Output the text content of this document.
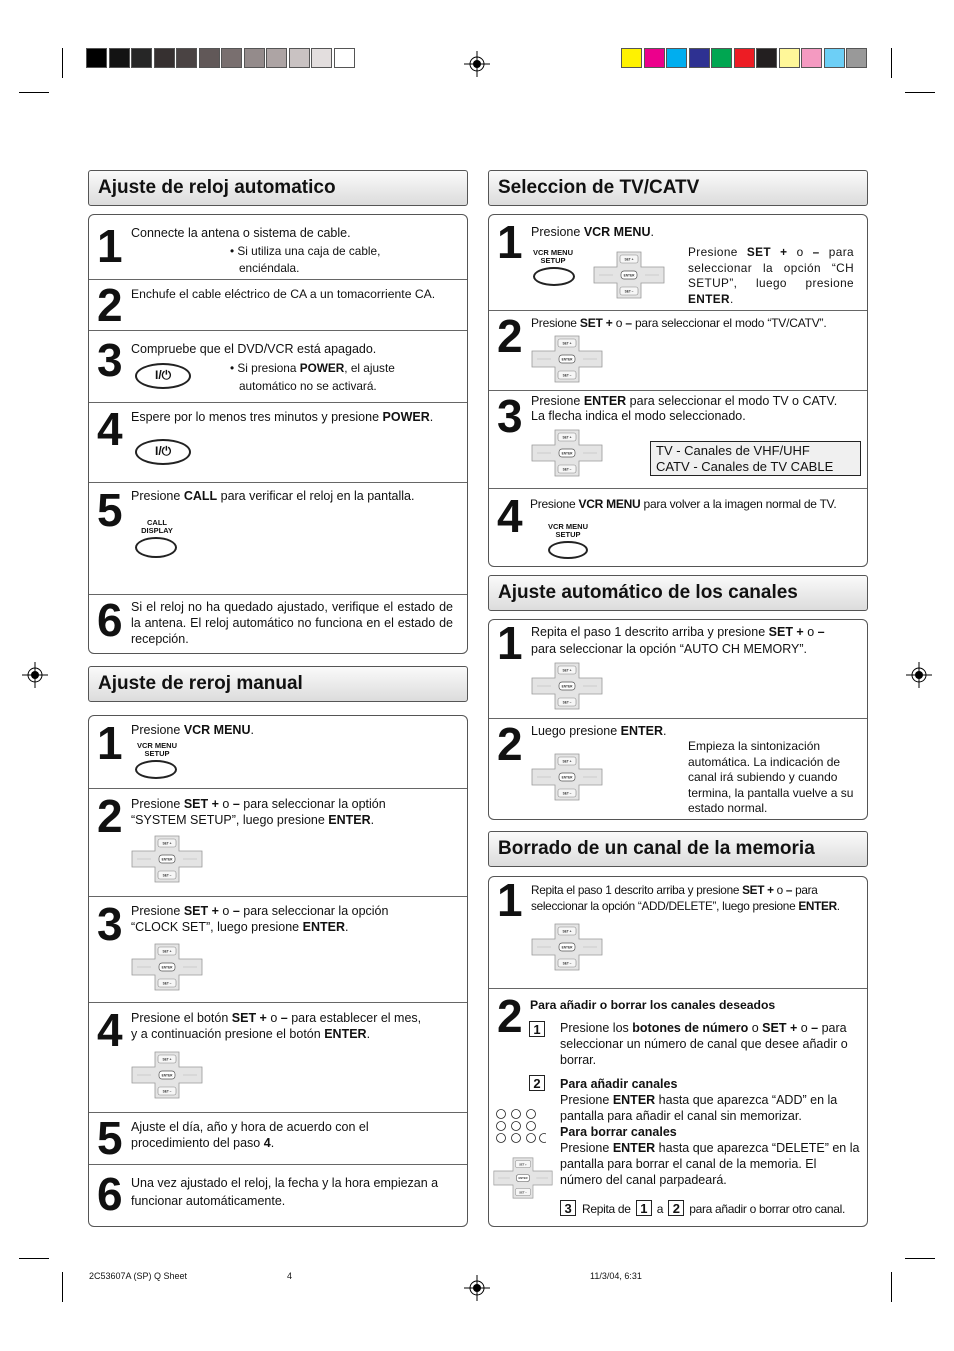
Ajuste de reloj automatico
1 Connecte la antena o sistema de cable.
• Si utiliza una caja de cable,
enciéndala.
2 Enchufe el cable eléctrico de CA a un tomacorriente CA.
3 Compruebe que el DVD/VCR está apagado.
I/⏻	• Si presiona POWER, el ajuste
automático no se activará.
4 Espere por lo menos tres minutos y presione POWER.
I/⏻
5 Presione CALL para verificar el reloj en la pantalla.
CALL
DISPLAY
6 Si el reloj no ha quedado ajustado, verifique el estado de la antena. El reloj automático no funciona en el estado de recepción.
Ajuste de reroj manual
1 Presione VCR MENU.
VCR MENU
SETUP
2 Presione SET + o – para seleccionar la optión
“SYSTEM SETUP”, luego presione ENTER.
SET +
ENTER
SET –
3 Presione SET + o – para seleccionar la opción
“CLOCK SET”, luego presione ENTER.
SET +
ENTER
SET –
4 Presione el botón SET + o – para establecer el mes,
y a continuación presione el botón ENTER.
SET +
ENTER
SET –
5 Ajuste el día, año y hora de acuerdo con el
procedimiento del paso 4.
6 Una vez ajustado el reloj, la fecha y la hora empiezan a funcionar automáticamente.
Seleccion de TV/CATV
1 Presione VCR MENU.
VCR MENU
SETUP	SET +
ENTER
SET –
Presione SET + o – para seleccionar la opción “CH SETUP”, luego presione ENTER.
2 Presione SET + o – para seleccionar el modo “TV/CATV”.
SET +
ENTER
SET –
3 Presione ENTER para seleccionar el modo TV o CATV.
La flecha indica el modo seleccionado.
SET +
ENTER
SET –
TV - Canales de VHF/UHF
CATV - Canales de TV CABLE
4 Presione VCR MENU para volver a la imagen normal de TV.
VCR MENU
SETUP
Ajuste automático de los canales
1 Repita el paso 1 descrito arriba y presione SET + o –
para seleccionar la opción “AUTO CH MEMORY”.
SET +
ENTER
SET –
2 Luego presione ENTER.
SET +
ENTER
SET –
Empieza la sintonización automática. La indicación de canal irá subiendo y cuando termina, la pantalla vuelve a su estado normal.
Borrado de un canal de la memoria
1 Repita el paso 1 descrito arriba y presione SET + o – para
seleccionar la opción “ADD/DELETE”, luego presione ENTER.
SET +
ENTER
SET –
2 Para añadir o borrar los canales deseados
1	Presione los botones de número o SET + o – para seleccionar un número de canal que desee añadir o borrar.
2	Para añadir canales
Presione ENTER hasta que aparezca “ADD” en la pantalla para añadir el canal sin memorizar.
Para borrar canales
Presione ENTER hasta que aparezca “DELETE” en la pantalla para borrar el canal de la memoria. El número del canal parpadeará.
SET +
ENTER
SET –
3 Repita de 1 a 2 para añadir o borrar otro canal.
2C53607A (SP) Q Sheet	4	11/3/04, 6:31
